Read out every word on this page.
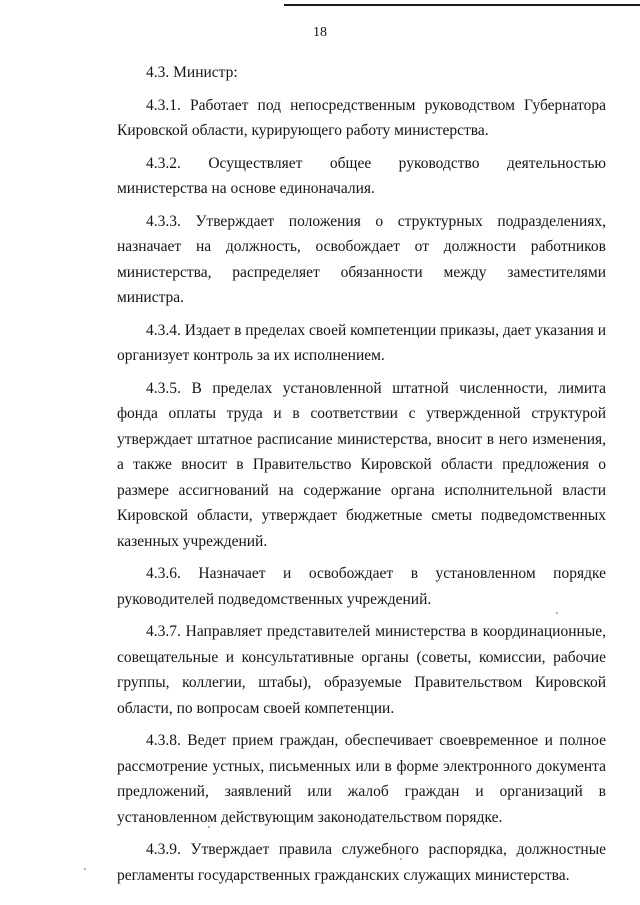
18

4.3. Министр:

4.3.1. Работает под непосредственным руководством Губернатора Кировской области, курирующего работу министерства.

4.3.2. Осуществляет общее руководство деятельностью министерства на основе единоначалия.

4.3.3. Утверждает положения о структурных подразделениях, назначает на должность, освобождает от должности работников министерства, распределяет обязанности между заместителями министра.

4.3.4. Издает в пределах своей компетенции приказы, дает указания и организует контроль за их исполнением.

4.3.5. В пределах установленной штатной численности, лимита фонда оплаты труда и в соответствии с утвержденной структурой утверждает штатное расписание министерства, вносит в него изменения, а также вносит в Правительство Кировской области предложения о размере ассигнований на содержание органа исполнительной власти Кировской области, утверждает бюджетные сметы подведомственных казенных учреждений.

4.3.6. Назначает и освобождает в установленном порядке руководителей подведомственных учреждений.

4.3.7. Направляет представителей министерства в координационные, совещательные и консультативные органы (советы, комиссии, рабочие группы, коллегии, штабы), образуемые Правительством Кировской области, по вопросам своей компетенции.

4.3.8. Ведет прием граждан, обеспечивает своевременное и полное рассмотрение устных, письменных или в форме электронного документа предложений, заявлений или жалоб граждан и организаций в установленном действующим законодательством порядке.

4.3.9. Утверждает правила служебного распорядка, должностные регламенты государственных гражданских служащих министерства.
